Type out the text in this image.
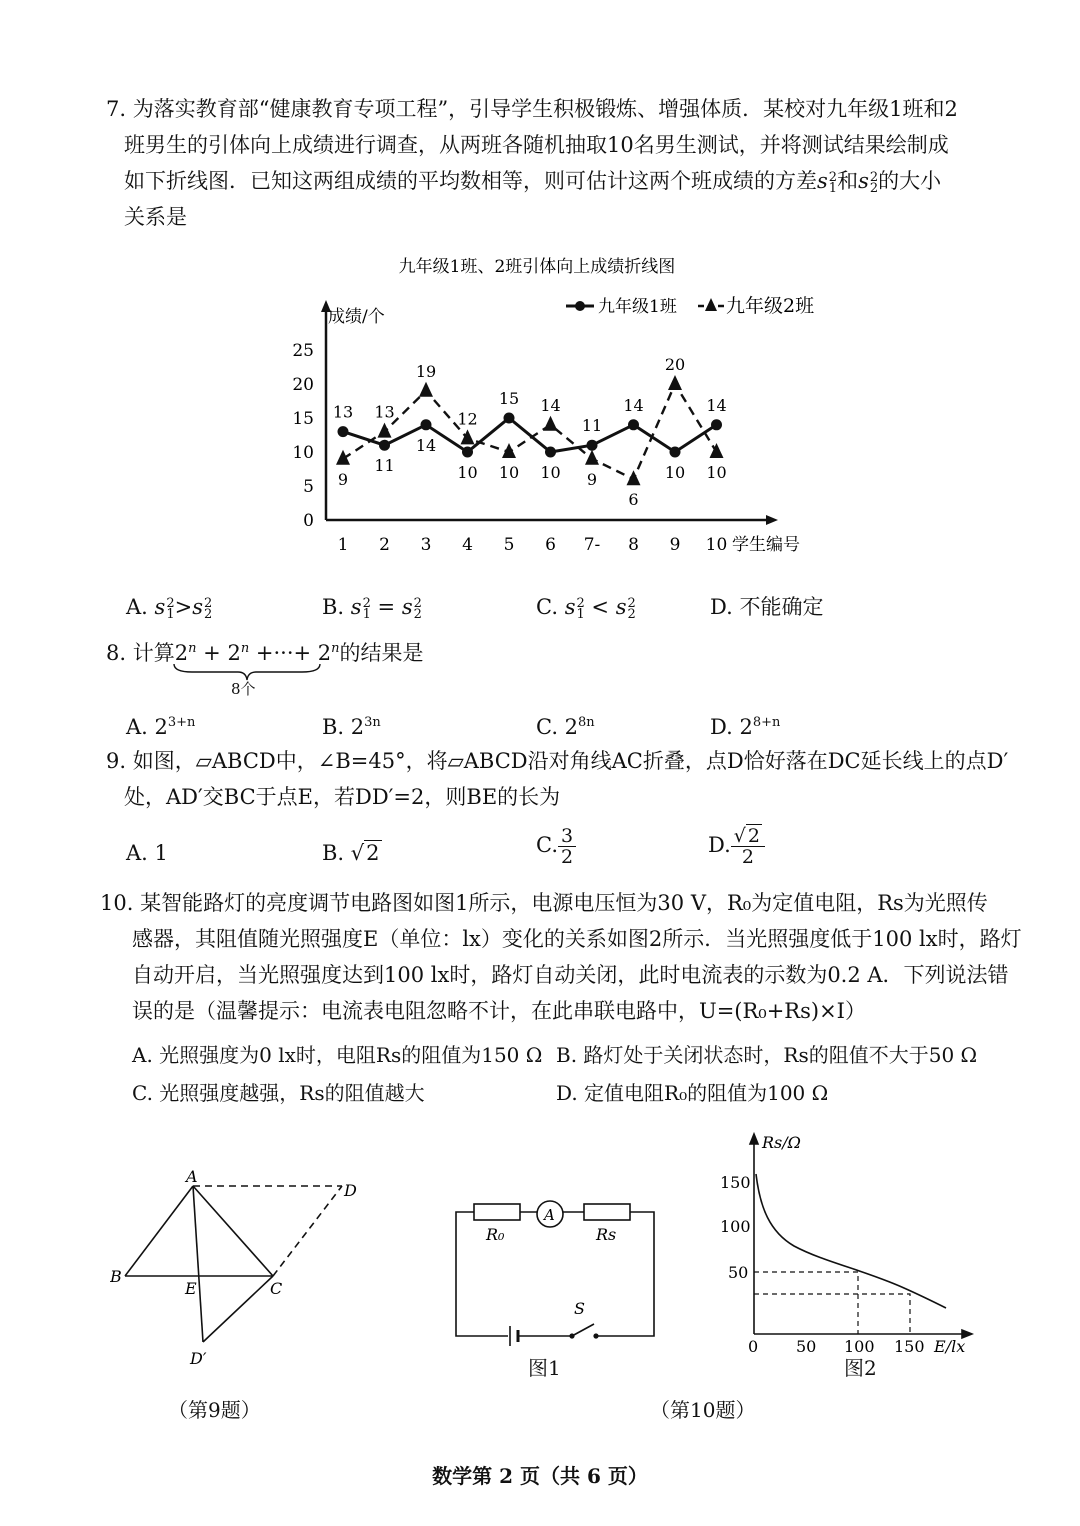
7. 为落实教育部“健康教育专项工程”，引导学生积极锻炼、增强体质．某校对九年级1班和2
班男生的引体向上成绩进行调查，从两班各随机抽取10名男生测试，并将测试结果绘制成
如下折线图．已知这两组成绩的平均数相等，则可估计这两个班成绩的方差s2
1和s2
2的大小
关系是
九年级1班、2班引体向上成绩折线图
0
5
10
15
20
25
1 2 3 4 5 6 7- 8 9 10
13
11
14
10
15
10
11
14
10
14
9
13
19
12
10
14
9
6
20
10
九年级1班	九年级2班
成绩/个
学生编号
A. s2
1>s2
2	B. s2
1 = s2
2	C. s2
1 < s2
2	D. 不能确定
8. 计算$2^n + 2^n$ +···+ $2^n$的结果是
8个
A. $2^{3+n}$	B. $2^{3n}$	C. $2^{8n}$	D. $2^{8+n}$
9. 如图，▱ABCD中，∠B=45°，将▱ABCD沿对角线AC折叠，点D恰好落在DC延长线上的点D′
处，AD′交BC于点E，若DD′=2，则BE的长为
A. 1	B. √2	C. $\frac{3}{2}$	D. $\frac{√ 2}{2}$
10. 某智能路灯的亮度调节电路图如图1所示，电源电压恒为30 V，R₀为定值电阻，Rs为光照传
感器，其阻值随光照强度E（单位：lx）变化的关系如图2所示．当光照强度低于100 lx时，路灯
自动开启，当光照强度达到100 lx时，路灯自动关闭，此时电流表的示数为0.2 A．下列说法错
误的是（温馨提示：电流表电阻忽略不计，在此串联电路中，U=(R₀+Rs)×I）
A. 光照强度为0 lx时，电阻Rs的阻值为150 Ω B. 路灯处于关闭状态时，Rs的阻值不大于50 Ω
C. 光照强度越强，Rs的阻值越大	D. 定值电阻R₀的阻值为100 Ω
A
B
C
D
E
D′
（第9题）
A
R₀	Rs
S
图1
（第10题）
Rs/Ω
150
100
50
0 50 100 150 E/lx
图2
数学第 2 页（共 6 页）
